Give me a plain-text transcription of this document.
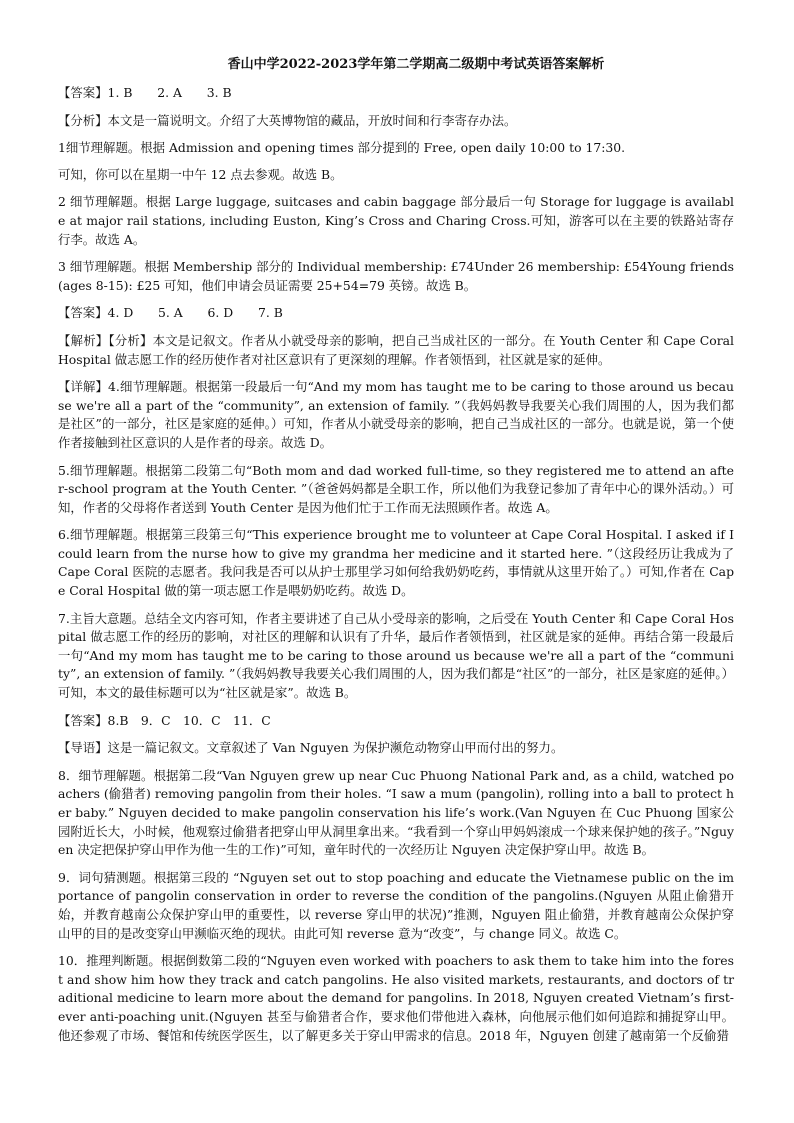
香山中学2022-2023学年第二学期高二级期中考试英语答案解析
【答案】1. B　　2. A　　3. B
【分析】本文是一篇说明文。介绍了大英博物馆的藏品，开放时间和行李寄存办法。
1细节理解题。根据 Admission and opening times 部分提到的 Free, open daily 10:00 to 17:30.
可知，你可以在星期一中午 12 点去参观。故选 B。
2 细节理解题。根据 Large luggage, suitcases and cabin baggage 部分最后一句 Storage for luggage is available at major rail stations, including Euston, King’s Cross and Charing Cross.可知，游客可以在主要的铁路站寄存行李。故选 A。
3 细节理解题。根据 Membership 部分的 Individual membership: £74Under 26 membership: £54Young friends (ages 8-15): £25 可知，他们申请会员证需要 25+54=79 英镑。故选 B。
【答案】4. D　　5. A　　6. D　　7. B
【解析】【分析】本文是记叙文。作者从小就受母亲的影响，把自己当成社区的一部分。在 Youth Center 和 Cape Coral Hospital 做志愿工作的经历使作者对社区意识有了更深刻的理解。作者领悟到，社区就是家的延伸。
【详解】4.细节理解题。根据第一段最后一句“And my mom has taught me to be caring to those around us because we're all a part of the “community”, an extension of family. ”（我妈妈教导我要关心我们周围的人，因为我们都是社区”的一部分，社区是家庭的延伸。）可知，作者从小就受母亲的影响，把自己当成社区的一部分。也就是说，第一个使作者接触到社区意识的人是作者的母亲。故选 D。
5.细节理解题。根据第二段第二句“Both mom and dad worked full-time, so they registered me to attend an after-school program at the Youth Center. ”（爸爸妈妈都是全职工作，所以他们为我登记参加了青年中心的课外活动。）可知，作者的父母将作者送到 Youth Center 是因为他们忙于工作而无法照顾作者。故选 A。
6.细节理解题。根据第三段第三句“This experience brought me to volunteer at Cape Coral Hospital. I asked if I could learn from the nurse how to give my grandma her medicine and it started here. ”（这段经历让我成为了 Cape Coral 医院的志愿者。我问我是否可以从护士那里学习如何给我奶奶吃药，事情就从这里开始了。）可知,作者在 Cape Coral Hospital 做的第一项志愿工作是喂奶奶吃药。故选 D。
7.主旨大意题。总结全文内容可知，作者主要讲述了自己从小受母亲的影响，之后受在 Youth Center 和 Cape Coral Hospital 做志愿工作的经历的影响，对社区的理解和认识有了升华，最后作者领悟到，社区就是家的延伸。再结合第一段最后一句“And my mom has taught me to be caring to those around us because we're all a part of the “community”, an extension of family. ”（我妈妈教导我要关心我们周围的人，因为我们都是“社区”的一部分，社区是家庭的延伸。）可知，本文的最佳标题可以为“社区就是家”。故选 B。
【答案】8.B　9．C　10．C　11．C
【导语】这是一篇记叙文。文章叙述了 Van Nguyen 为保护濒危动物穿山甲而付出的努力。
8．细节理解题。根据第二段“Van Nguyen grew up near Cuc Phuong National Park and, as a child, watched poachers (偷猎者) removing pangolin from their holes. “I saw a mum (pangolin), rolling into a ball to protect her baby.” Nguyen decided to make pangolin conservation his life’s work.(Van Nguyen 在 Cuc Phuong 国家公园附近长大，小时候，他观察过偷猎者把穿山甲从洞里拿出来。“我看到一个穿山甲妈妈滚成一个球来保护她的孩子。”Nguyen 决定把保护穿山甲作为他一生的工作)”可知，童年时代的一次经历让 Nguyen 决定保护穿山甲。故选 B。
9．词句猜测题。根据第三段的 “Nguyen set out to stop poaching and educate the Vietnamese public on the importance of pangolin conservation in order to reverse the condition of the pangolins.(Nguyen 从阻止偷猎开始，并教育越南公众保护穿山甲的重要性，以 reverse 穿山甲的状况)”推测，Nguyen 阻止偷猎，并教育越南公众保护穿山甲的目的是改变穿山甲濒临灭绝的现状。由此可知 reverse 意为“改变”，与 change 同义。故选 C。
10．推理判断题。根据倒数第二段的“Nguyen even worked with poachers to ask them to take him into the forest and show him how they track and catch pangolins. He also visited markets, restaurants, and doctors of traditional medicine to learn more about the demand for pangolins. In 2018, Nguyen created Vietnam’s first-ever anti-poaching unit.(Nguyen 甚至与偷猎者合作，要求他们带他进入森林，向他展示他们如何追踪和捕捉穿山甲。他还参观了市场、餐馆和传统医学医生，以了解更多关于穿山甲需求的信息。2018 年，Nguyen 创建了越南第一个反偷猎
